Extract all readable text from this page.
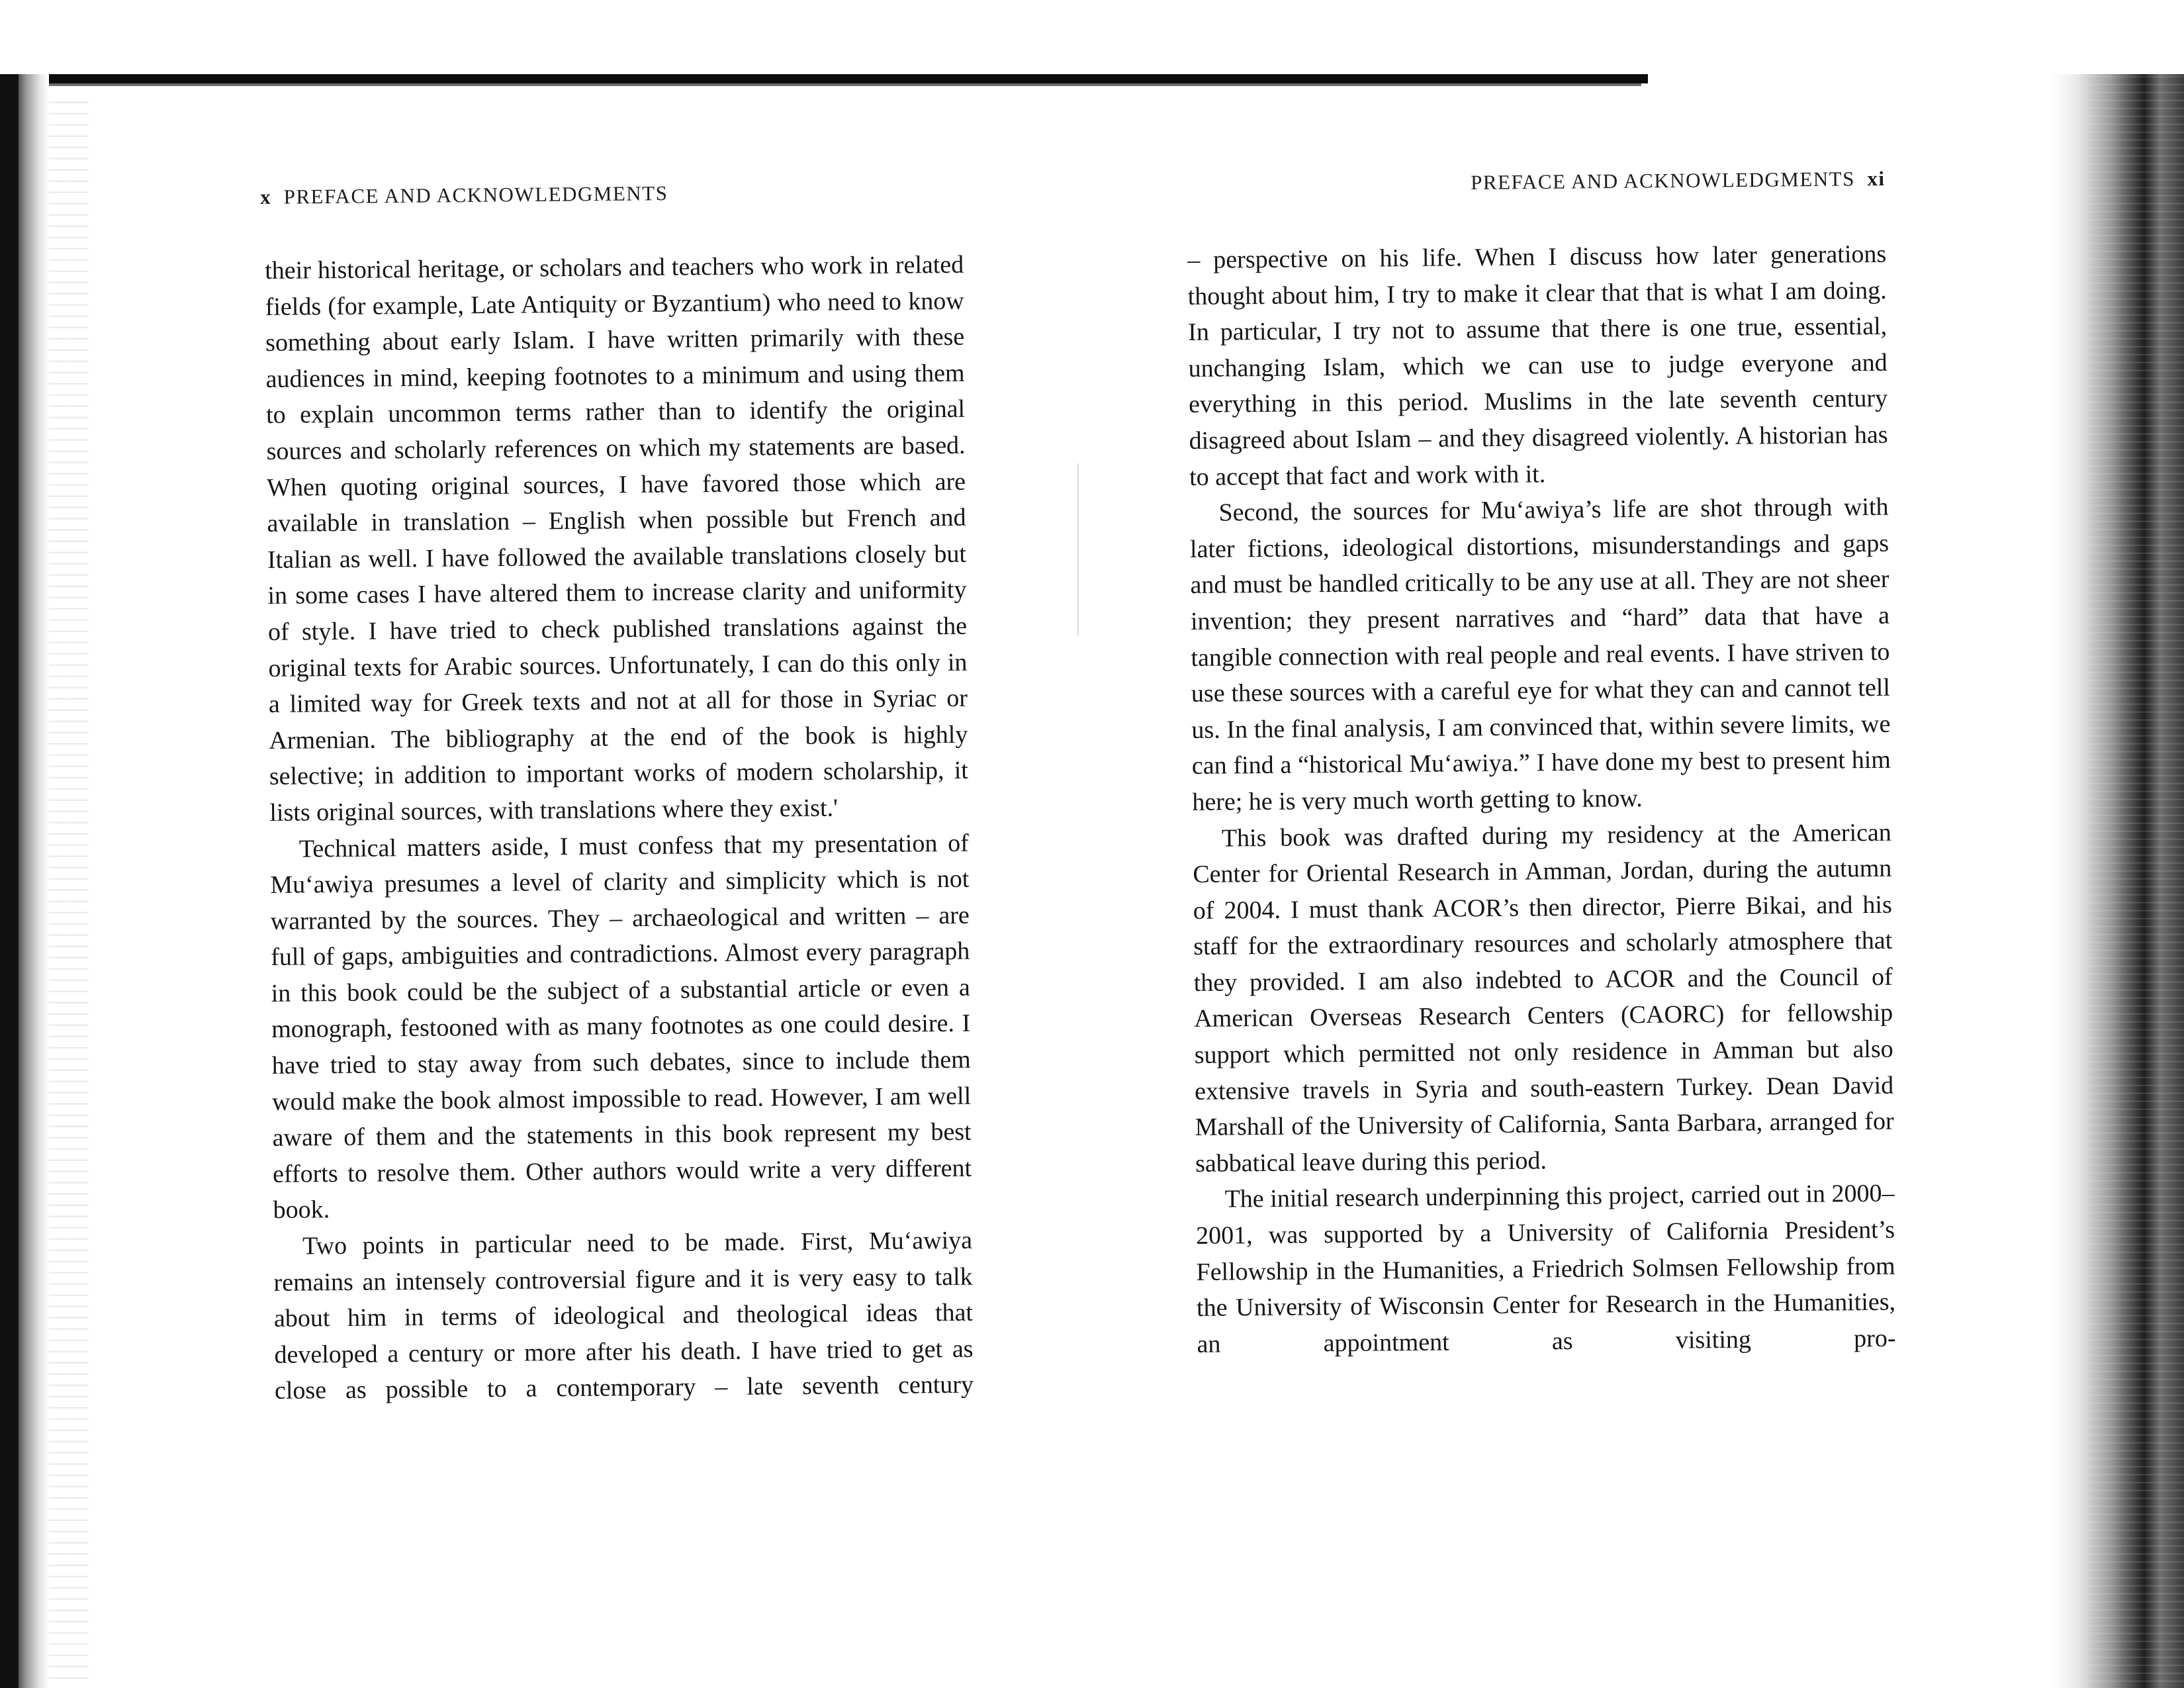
x PREFACE AND ACKNOWLEDGMENTS
PREFACE AND ACKNOWLEDGMENTS xi

their historical heritage, or scholars and teachers who work in related fields (for example, Late Antiquity or Byzantium) who need to know something about early Islam. I have written primarily with these audiences in mind, keeping footnotes to a minimum and using them to explain uncommon terms rather than to identify the original sources and scholarly references on which my statements are based. When quoting original sources, I have favored those which are available in translation – English when possible but French and Italian as well. I have followed the available translations closely but in some cases I have altered them to increase clarity and uniformity of style. I have tried to check published translations against the original texts for Arabic sources. Unfortunately, I can do this only in a limited way for Greek texts and not at all for those in Syriac or Armenian. The bibliography at the end of the book is highly selective; in addition to important works of modern scholarship, it lists original sources, with translations where they exist.'

Technical matters aside, I must confess that my presentation of Mu‘awiya presumes a level of clarity and simplicity which is not warranted by the sources. They – archaeological and written – are full of gaps, ambiguities and contradictions. Almost every paragraph in this book could be the subject of a substantial article or even a monograph, festooned with as many footnotes as one could desire. I have tried to stay away from such debates, since to include them would make the book almost impossible to read. However, I am well aware of them and the statements in this book represent my best efforts to resolve them. Other authors would write a very different book.

Two points in particular need to be made. First, Mu‘awiya remains an intensely controversial figure and it is very easy to talk about him in terms of ideological and theological ideas that developed a century or more after his death. I have tried to get as close as possible to a contemporary – late seventh century

– perspective on his life. When I discuss how later generations thought about him, I try to make it clear that that is what I am doing. In particular, I try not to assume that there is one true, essential, unchanging Islam, which we can use to judge everyone and everything in this period. Muslims in the late seventh century disagreed about Islam – and they disagreed violently. A historian has to accept that fact and work with it.

Second, the sources for Mu‘awiya’s life are shot through with later fictions, ideological distortions, misunderstandings and gaps and must be handled critically to be any use at all. They are not sheer invention; they present narratives and “hard” data that have a tangible connection with real people and real events. I have striven to use these sources with a careful eye for what they can and cannot tell us. In the final analysis, I am convinced that, within severe limits, we can find a “historical Mu‘awiya.” I have done my best to present him here; he is very much worth getting to know.

This book was drafted during my residency at the American Center for Oriental Research in Amman, Jordan, during the autumn of 2004. I must thank ACOR’s then director, Pierre Bikai, and his staff for the extraordinary resources and scholarly atmosphere that they provided. I am also indebted to ACOR and the Council of American Overseas Research Centers (CAORC) for fellowship support which permitted not only residence in Amman but also extensive travels in Syria and south-eastern Turkey. Dean David Marshall of the University of California, Santa Barbara, arranged for sabbatical leave during this period.

The initial research underpinning this project, carried out in 2000–2001, was supported by a University of California President’s Fellowship in the Humanities, a Friedrich Solmsen Fellowship from the University of Wisconsin Center for Research in the Humanities, an appointment as visiting pro-
